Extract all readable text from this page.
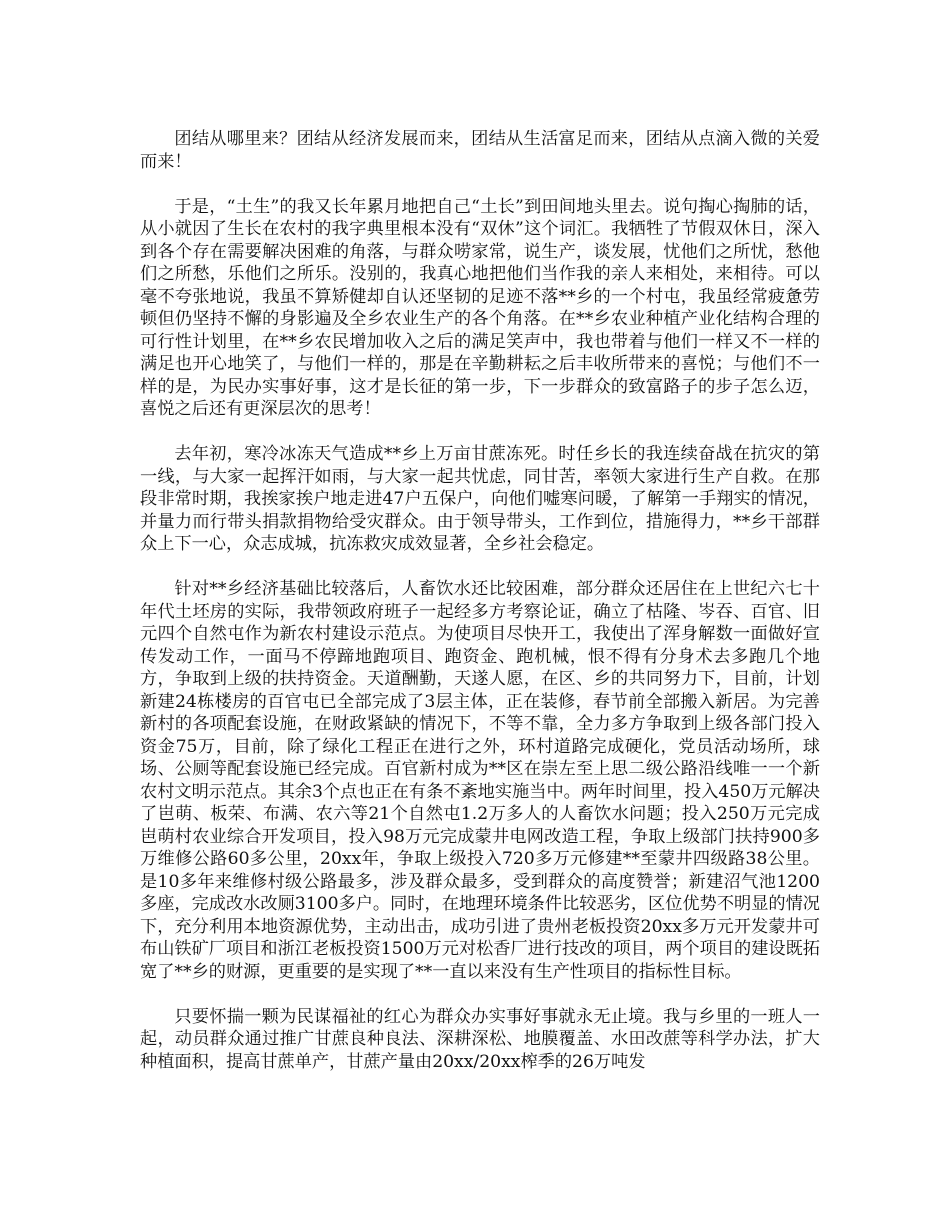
团结从哪里来？团结从经济发展而来，团结从生活富足而来，团结从点滴入微的关爱而来！

于是，“土生”的我又长年累月地把自己“土长”到田间地头里去。说句掏心掏肺的话，从小就因了生长在农村的我字典里根本没有“双休”这个词汇。我牺牲了节假双休日，深入到各个存在需要解决困难的角落，与群众唠家常，说生产，谈发展，忧他们之所忧，愁他们之所愁，乐他们之所乐。没别的，我真心地把他们当作我的亲人来相处，来相待。可以毫不夸张地说，我虽不算矫健却自认还坚韧的足迹不落**乡的一个村屯，我虽经常疲惫劳顿但仍坚持不懈的身影遍及全乡农业生产的各个角落。在**乡农业种植产业化结构合理的可行性计划里，在**乡农民增加收入之后的满足笑声中，我也带着与他们一样又不一样的满足也开心地笑了，与他们一样的，那是在辛勤耕耘之后丰收所带来的喜悦；与他们不一样的是，为民办实事好事，这才是长征的第一步，下一步群众的致富路子的步子怎么迈，喜悦之后还有更深层次的思考！

去年初，寒冷冰冻天气造成**乡上万亩甘蔗冻死。时任乡长的我连续奋战在抗灾的第一线，与大家一起挥汗如雨，与大家一起共忧虑，同甘苦，率领大家进行生产自救。在那段非常时期，我挨家挨户地走进47户五保户，向他们嘘寒问暖，了解第一手翔实的情况，并量力而行带头捐款捐物给受灾群众。由于领导带头，工作到位，措施得力，**乡干部群众上下一心，众志成城，抗冻救灾成效显著，全乡社会稳定。

针对**乡经济基础比较落后，人畜饮水还比较困难，部分群众还居住在上世纪六七十年代土坯房的实际，我带领政府班子一起经多方考察论证，确立了枯隆、岑吞、百官、旧元四个自然屯作为新农村建设示范点。为使项目尽快开工，我使出了浑身解数一面做好宣传发动工作，一面马不停蹄地跑项目、跑资金、跑机械，恨不得有分身术去多跑几个地方，争取到上级的扶持资金。天道酬勤，天遂人愿，在区、乡的共同努力下，目前，计划新建24栋楼房的百官屯已全部完成了3层主体，正在装修，春节前全部搬入新居。为完善新村的各项配套设施，在财政紧缺的情况下，不等不靠，全力多方争取到上级各部门投入资金75万，目前，除了绿化工程正在进行之外，环村道路完成硬化，党员活动场所，球场、公厕等配套设施已经完成。百官新村成为**区在崇左至上思二级公路沿线唯一一个新农村文明示范点。其余3个点也正在有条不紊地实施当中。两年时间里，投入450万元解决了岜萌、板荣、布满、农六等21个自然屯1.2万多人的人畜饮水问题；投入250万元完成岜萌村农业综合开发项目，投入98万元完成蒙井电网改造工程，争取上级部门扶持900多万维修公路60多公里，20xx年，争取上级投入720多万元修建**至蒙井四级路38公里。是10多年来维修村级公路最多，涉及群众最多，受到群众的高度赞誉；新建沼气池1200多座，完成改水改厕3100多户。同时，在地理环境条件比较恶劣，区位优势不明显的情况下，充分利用本地资源优势，主动出击，成功引进了贵州老板投资20xx多万元开发蒙井可布山铁矿厂项目和浙江老板投资1500万元对松香厂进行技改的项目，两个项目的建设既拓宽了**乡的财源，更重要的是实现了**一直以来没有生产性项目的指标性目标。

只要怀揣一颗为民谋福祉的红心为群众办实事好事就永无止境。我与乡里的一班人一起，动员群众通过推广甘蔗良种良法、深耕深松、地膜覆盖、水田改蔗等科学办法，扩大种植面积，提高甘蔗单产，甘蔗产量由20xx/20xx榨季的26万吨发
